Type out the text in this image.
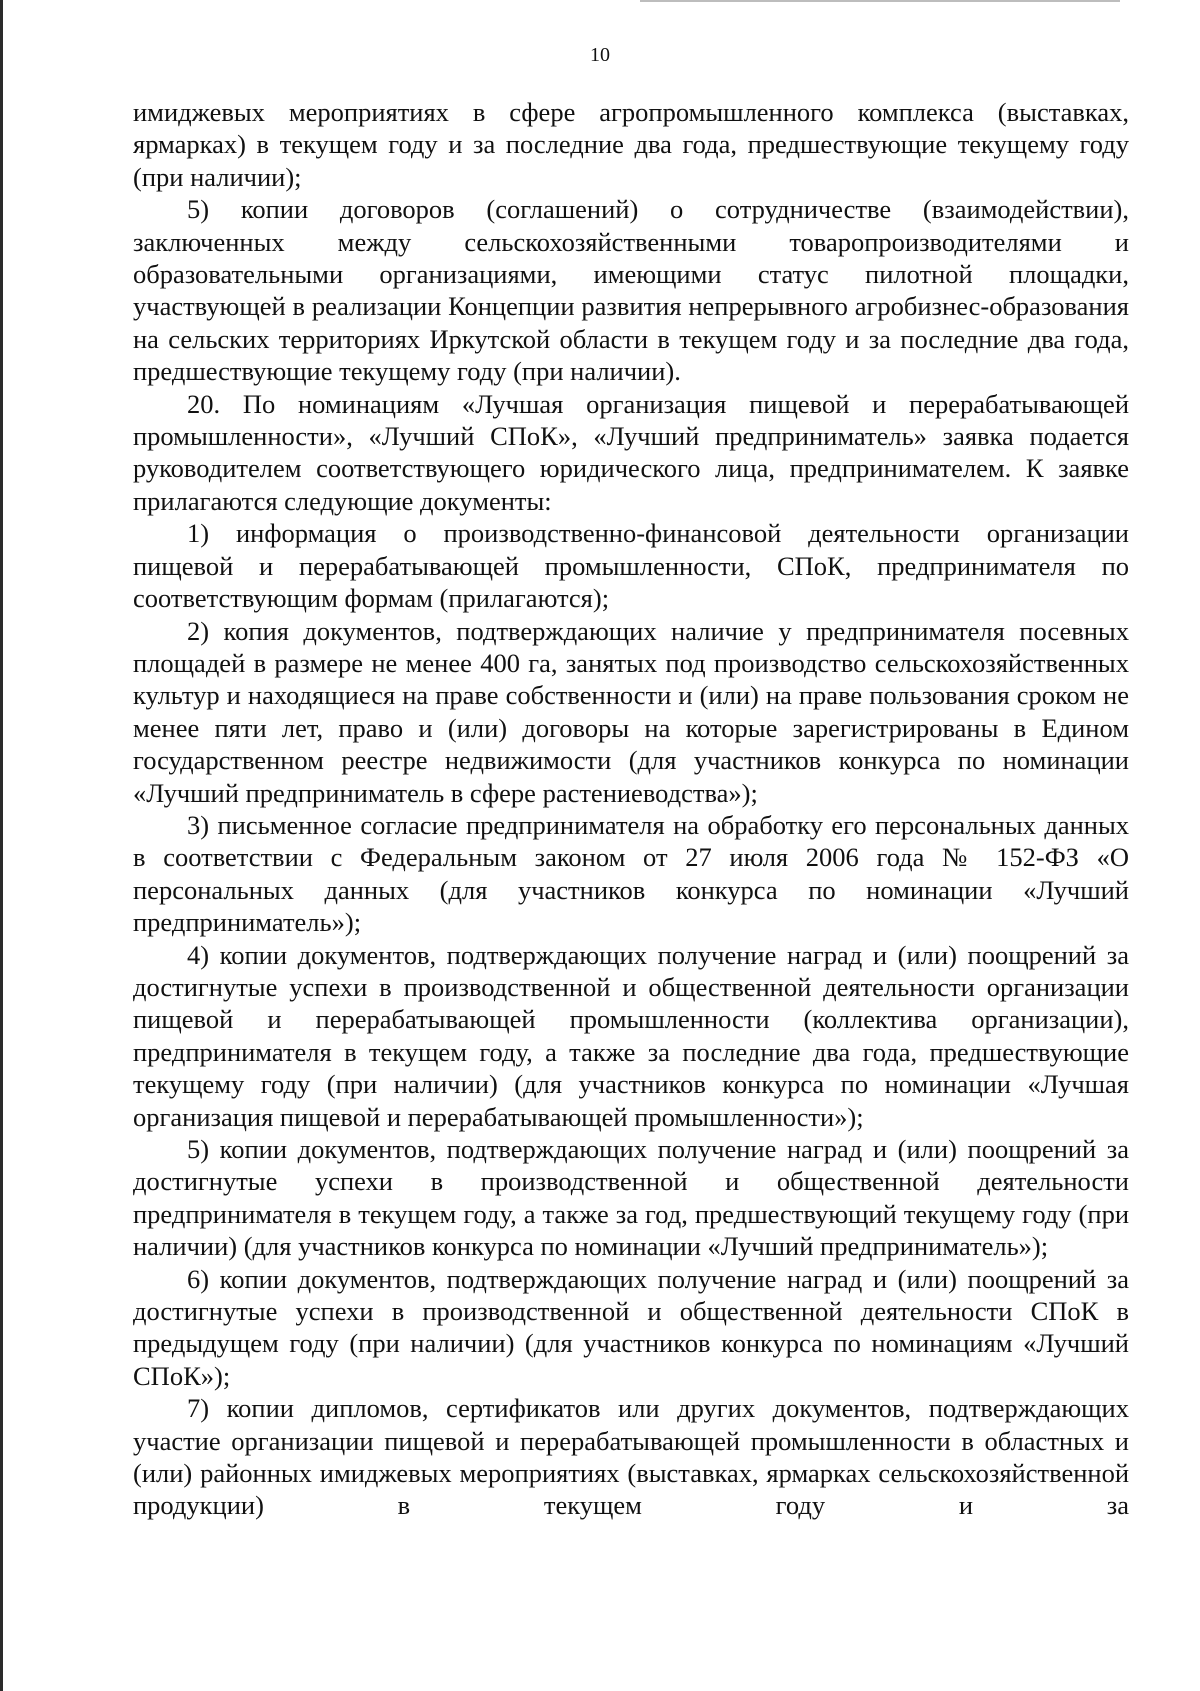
10

имиджевых мероприятиях в сфере агропромышленного комплекса (выставках, ярмарках) в текущем году и за последние два года, предшествующие текущему году (при наличии);

5) копии договоров (соглашений) о сотрудничестве (взаимодействии), заключенных между сельскохозяйственными товаропроизводителями и образовательными организациями, имеющими статус пилотной площадки, участвующей в реализации Концепции развития непрерывного агробизнес-образования на сельских территориях Иркутской области в текущем году и за последние два года, предшествующие текущему году (при наличии).

20. По номинациям «Лучшая организация пищевой и перерабатывающей промышленности», «Лучший СПоК», «Лучший предприниматель» заявка подается руководителем соответствующего юридического лица, предпринимателем. К заявке прилагаются следующие документы:

1) информация о производственно-финансовой деятельности организации пищевой и перерабатывающей промышленности, СПоК, предпринимателя по соответствующим формам (прилагаются);

2) копия документов, подтверждающих наличие у предпринимателя посевных площадей в размере не менее 400 га, занятых под производство сельскохозяйственных культур и находящиеся на праве собственности и (или) на праве пользования сроком не менее пяти лет, право и (или) договоры на которые зарегистрированы в Едином государственном реестре недвижимости (для участников конкурса по номинации «Лучший предприниматель в сфере растениеводства»);

3) письменное согласие предпринимателя на обработку его персональных данных в соответствии с Федеральным законом от 27 июля 2006 года № 152-ФЗ «О персональных данных (для участников конкурса по номинации «Лучший предприниматель»);

4) копии документов, подтверждающих получение наград и (или) поощрений за достигнутые успехи в производственной и общественной деятельности организации пищевой и перерабатывающей промышленности (коллектива организации), предпринимателя в текущем году, а также за последние два года, предшествующие текущему году (при наличии) (для участников конкурса по номинации «Лучшая организация пищевой и перерабатывающей промышленности»);

5) копии документов, подтверждающих получение наград и (или) поощрений за достигнутые успехи в производственной и общественной деятельности предпринимателя в текущем году, а также за год, предшествующий текущему году (при наличии) (для участников конкурса по номинации «Лучший предприниматель»);

6) копии документов, подтверждающих получение наград и (или) поощрений за достигнутые успехи в производственной и общественной деятельности СПоК в предыдущем году (при наличии) (для участников конкурса по номинациям «Лучший СПоК»);

7) копии дипломов, сертификатов или других документов, подтверждающих участие организации пищевой и перерабатывающей промышленности в областных и (или) районных имиджевых мероприятиях (выставках, ярмарках сельскохозяйственной продукции) в текущем году и за
